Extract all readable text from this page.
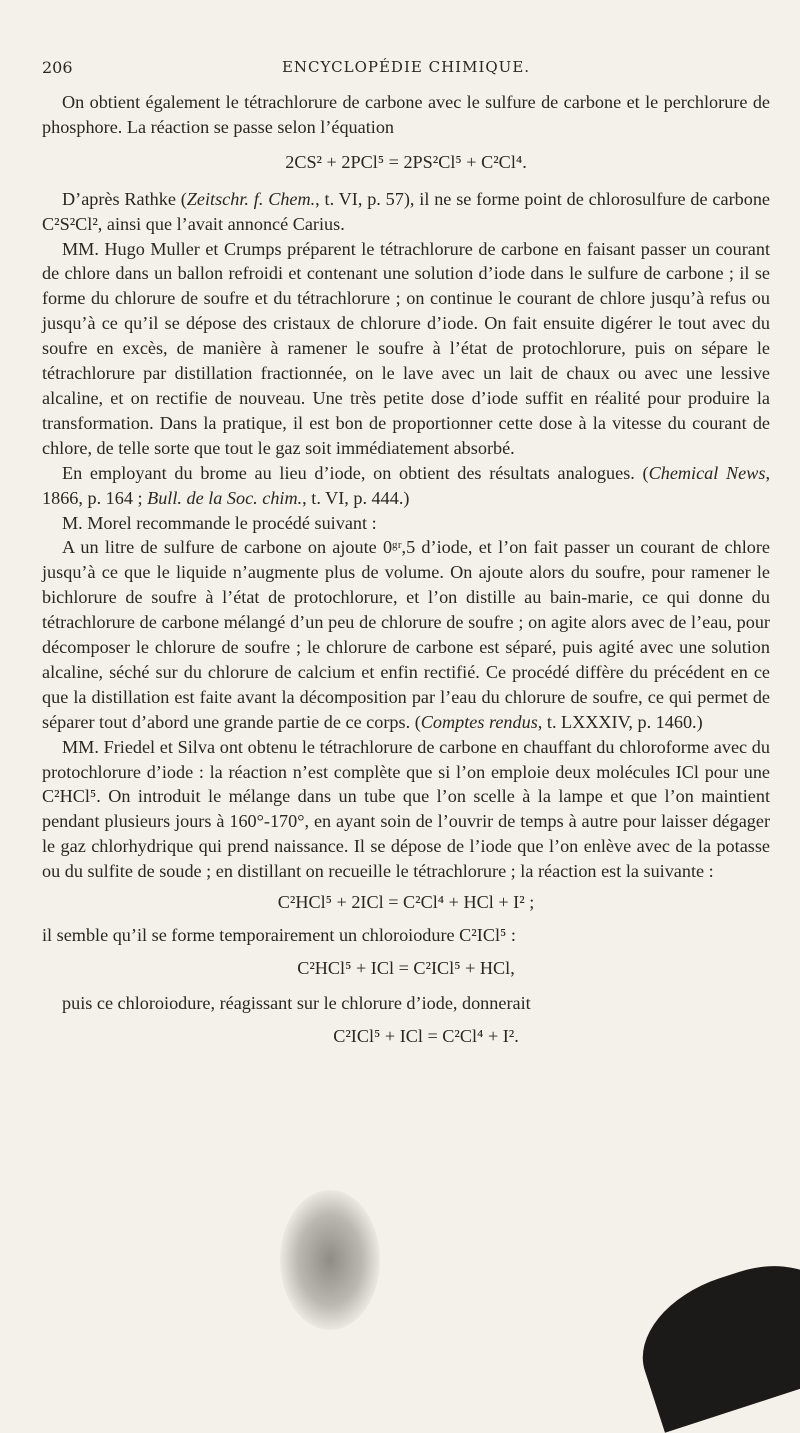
206	ENCYCLOPÉDIE CHIMIQUE.

On obtient également le tétrachlorure de carbone avec le sulfure de carbone et le perchlorure de phosphore. La réaction se passe selon l’équation

2CS² + 2PCl⁵ = 2PS²Cl⁵ + C²Cl⁴.

D’après Rathke (Zeitschr. f. Chem., t. VI, p. 57), il ne se forme point de chlorosulfure de carbone C²S²Cl², ainsi que l’avait annoncé Carius.

MM. Hugo Muller et Crumps préparent le tétrachlorure de carbone en faisant passer un courant de chlore dans un ballon refroidi et contenant une solution d’iode dans le sulfure de carbone ; il se forme du chlorure de soufre et du tétrachlorure ; on continue le courant de chlore jusqu’à refus ou jusqu’à ce qu’il se dépose des cristaux de chlorure d’iode. On fait ensuite digérer le tout avec du soufre en excès, de manière à ramener le soufre à l’état de protochlorure, puis on sépare le tétrachlorure par distillation fractionnée, on le lave avec un lait de chaux ou avec une lessive alcaline, et on rectifie de nouveau. Une très petite dose d’iode suffit en réalité pour produire la transformation. Dans la pratique, il est bon de proportionner cette dose à la vitesse du courant de chlore, de telle sorte que tout le gaz soit immédiatement absorbé.

En employant du brome au lieu d’iode, on obtient des résultats analogues. (Chemical News, 1866, p. 164 ; Bull. de la Soc. chim., t. VI, p. 444.)

M. Morel recommande le procédé suivant :

A un litre de sulfure de carbone on ajoute 0ᵍʳ,5 d’iode, et l’on fait passer un courant de chlore jusqu’à ce que le liquide n’augmente plus de volume. On ajoute alors du soufre, pour ramener le bichlorure de soufre à l’état de protochlorure, et l’on distille au bain-marie, ce qui donne du tétrachlorure de carbone mélangé d’un peu de chlorure de soufre ; on agite alors avec de l’eau, pour décomposer le chlorure de soufre ; le chlorure de carbone est séparé, puis agité avec une solution alcaline, séché sur du chlorure de calcium et enfin rectifié. Ce procédé diffère du précédent en ce que la distillation est faite avant la décomposition par l’eau du chlorure de soufre, ce qui permet de séparer tout d’abord une grande partie de ce corps. (Comptes rendus, t. LXXXIV, p. 1460.)

MM. Friedel et Silva ont obtenu le tétrachlorure de carbone en chauffant du chloroforme avec du protochlorure d’iode : la réaction n’est complète que si l’on emploie deux molécules ICl pour une C²HCl⁵. On introduit le mélange dans un tube que l’on scelle à la lampe et que l’on maintient pendant plusieurs jours à 160°-170°, en ayant soin de l’ouvrir de temps à autre pour laisser dégager le gaz chlorhydrique qui prend naissance. Il se dépose de l’iode que l’on enlève avec de la potasse ou du sulfite de soude ; en distillant on recueille le tétrachlorure ; la réaction est la suivante :

C²HCl⁵ + 2ICl = C²Cl⁴ + HCl + I² ;

il semble qu’il se forme temporairement un chloroiodure C²ICl⁵ :

C²HCl⁵ + ICl = C²ICl⁵ + HCl,

puis ce chloroiodure, réagissant sur le chlorure d’iode, donnerait

C²ICl⁵ + ICl = C²Cl⁴ + I².
